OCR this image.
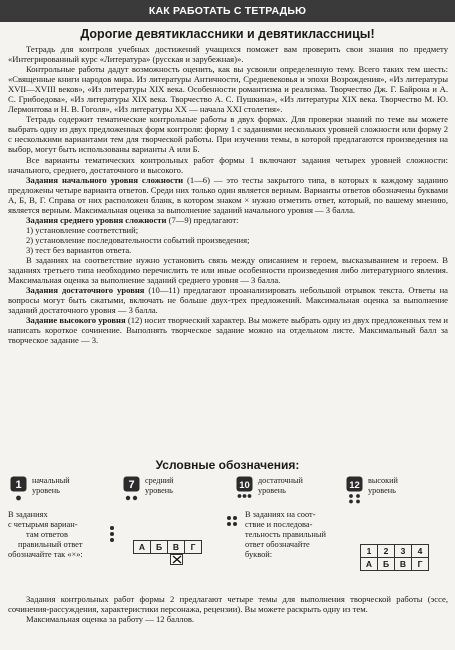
КАК РАБОТАТЬ С ТЕТРАДЬЮ
Дорогие девятиклассники и девятиклассницы!

Тетрадь для контроля учебных достижений учащихся поможет вам проверить свои знания по предмету «Интегрированный курс «Литература» (русская и зарубежная)».

Контрольные работы дадут возможность оценить, как вы усвоили определенную тему. Всего таких тем шесть: «Священные книги народов мира. Из литературы Античности, Средневековья и эпохи Возрождения», «Из литературы XVII—XVIII веков», «Из литературы XIX века. Особенности романтизма и реализма. Творчество Дж. Г. Байрона и А. С. Грибоедова», «Из литературы XIX века. Творчество А. С. Пушкина», «Из литературы XIX века. Творчество М. Ю. Лермонтова и Н. В. Гоголя», «Из литературы XX — начала XXI столетия».

Тетрадь содержит тематические контрольные работы в двух формах. Для проверки знаний по теме вы можете выбрать одну из двух предложенных форм контроля: форму 1 с заданиями нескольких уровней сложности или форму 2 с несколькими вариантами тем для творческой работы. При изучении темы, в которой предлагаются произведения на выбор, могут быть использованы варианты А или Б.

Все варианты тематических контрольных работ формы 1 включают задания четырех уровней сложности: начального, среднего, достаточного и высокого.

Задания начального уровня сложности (1—6) — это тесты закрытого типа, в которых к каждому заданию предложены четыре варианта ответов. Среди них только один является верным. Варианты ответов обозначены буквами А, Б, В, Г. Справа от них расположен бланк, в котором знаком × нужно отметить ответ, который, по вашему мнению, является верным. Максимальная оценка за выполнение заданий начального уровня — 3 балла.

Задания среднего уровня сложности (7—9) предлагают:

1) установление соответствий;

2) установление последовательности событий произведения;

3) тест без вариантов ответа.

В заданиях на соответствие нужно установить связь между описанием и героем, высказыванием и героем. В заданиях третьего типа необходимо перечислить те или иные особенности произведения либо литературного явления. Максимальная оценка за выполнение заданий среднего уровня — 3 балла.

Задания достаточного уровня (10—11) предлагают проанализировать небольшой отрывок текста. Ответы на вопросы могут быть сжатыми, включать не больше двух-трех предложений. Максимальная оценка за выполнение заданий достаточного уровня — 3 балла.

Задание высокого уровня (12) носит творческий характер. Вы можете выбрать одну из двух предложенных тем и написать короткое сочинение. Выполнять творческое задание можно на отдельном листе. Максимальный балл за творческое задание — 3.

Условные обозначения:
1 начальный
уровень	7 средний
уровень	10 достаточный
уровень	12 высокий
уровень
В заданиях
с четырьмя вариан-
там ответов
правильный ответ
обозначайте так «×»:
А	Б	В	Г

В заданиях на соот-
ствие и последова-
тельность правильный
ответ обозначайте
буквой:	1	2	3	4
А	Б	В	Г

Задания контрольных работ формы 2 предлагают четыре темы для выполнения творческой работы (эссе, сочинения-рассуждения, характеристики персонажа, рецензии). Вы можете раскрыть одну из тем.

Максимальная оценка за работу — 12 баллов.
